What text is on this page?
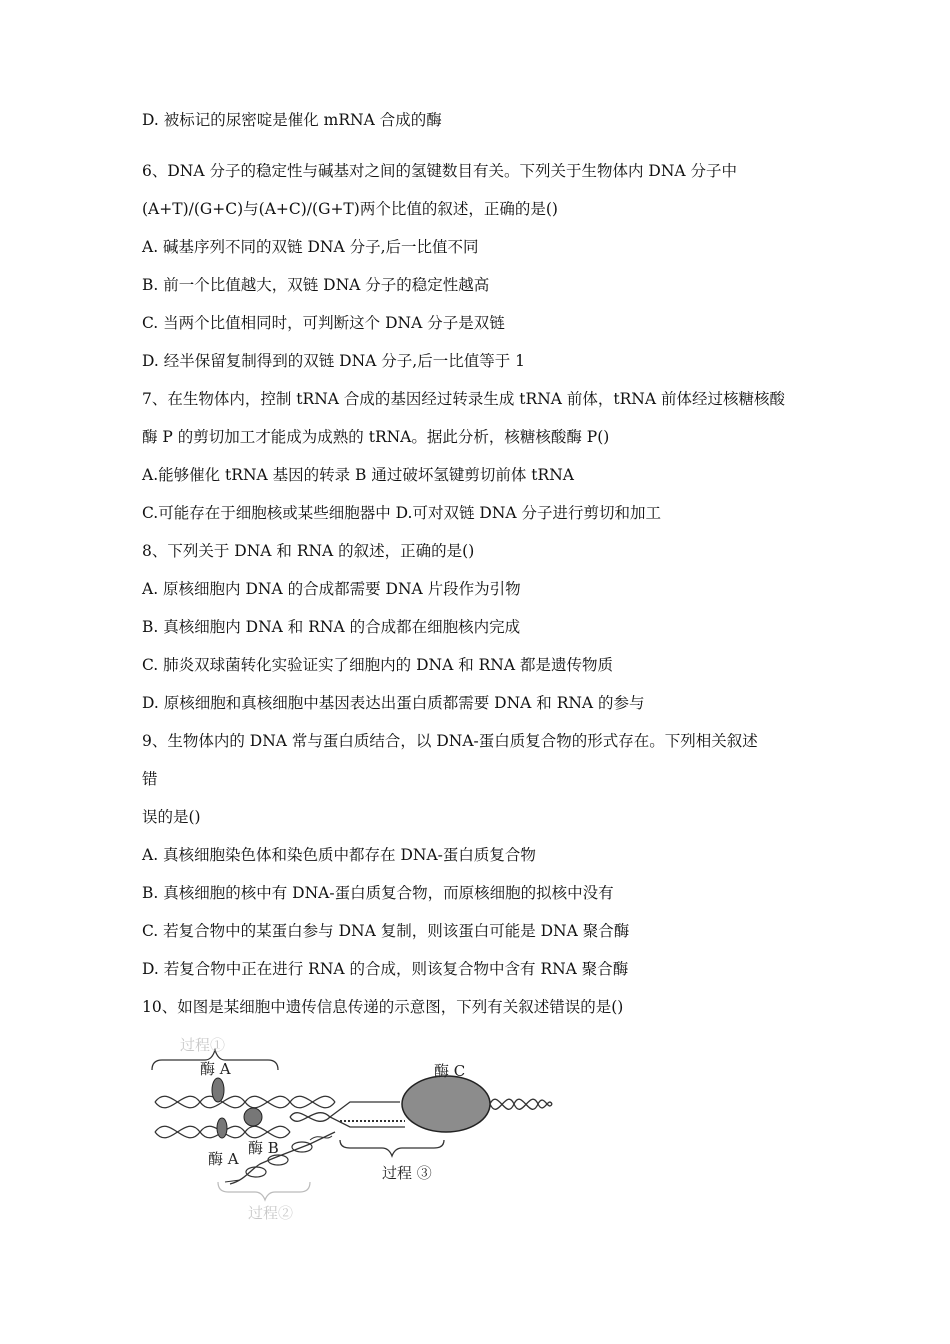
D. 被标记的尿密啶是催化 mRNA 合成的酶
6、DNA 分子的稳定性与碱基对之间的氢键数目有关。下列关于生物体内 DNA 分子中
(A+T)/(G+C)与(A+C)/(G+T)两个比值的叙述，正确的是()
A. 碱基序列不同的双链 DNA 分子,后一比值不同
B. 前一个比值越大，双链 DNA 分子的稳定性越高
C. 当两个比值相同时，可判断这个 DNA 分子是双链
D. 经半保留复制得到的双链 DNA 分子,后一比值等于 1
7、在生物体内，控制 tRNA 合成的基因经过转录生成 tRNA 前体，tRNA 前体经过核糖核酸
酶 P 的剪切加工才能成为成熟的 tRNA。据此分析，核糖核酸酶 P()
A.能够催化 tRNA 基因的转录 B 通过破坏氢键剪切前体 tRNA
C.可能存在于细胞核或某些细胞器中 D.可对双链 DNA 分子进行剪切和加工
8、下列关于 DNA 和 RNA 的叙述，正确的是()
A. 原核细胞内 DNA 的合成都需要 DNA 片段作为引物
B. 真核细胞内 DNA 和 RNA 的合成都在细胞核内完成
C. 肺炎双球菌转化实验证实了细胞内的 DNA 和 RNA 都是遗传物质
D. 原核细胞和真核细胞中基因表达出蛋白质都需要 DNA 和 RNA 的参与
9、生物体内的 DNA 常与蛋白质结合，以 DNA-蛋白质复合物的形式存在。下列相关叙述
错
误的是()
A. 真核细胞染色体和染色质中都存在 DNA-蛋白质复合物
B. 真核细胞的核中有 DNA-蛋白质复合物，而原核细胞的拟核中没有
C. 若复合物中的某蛋白参与 DNA 复制，则该蛋白可能是 DNA 聚合酶
D. 若复合物中正在进行 RNA 的合成，则该复合物中含有 RNA 聚合酶
10、如图是某细胞中遗传信息传递的示意图，下列有关叙述错误的是()
过程①
酶 A
酶 A
酶 B
酶 C
过程 ③
过程②
